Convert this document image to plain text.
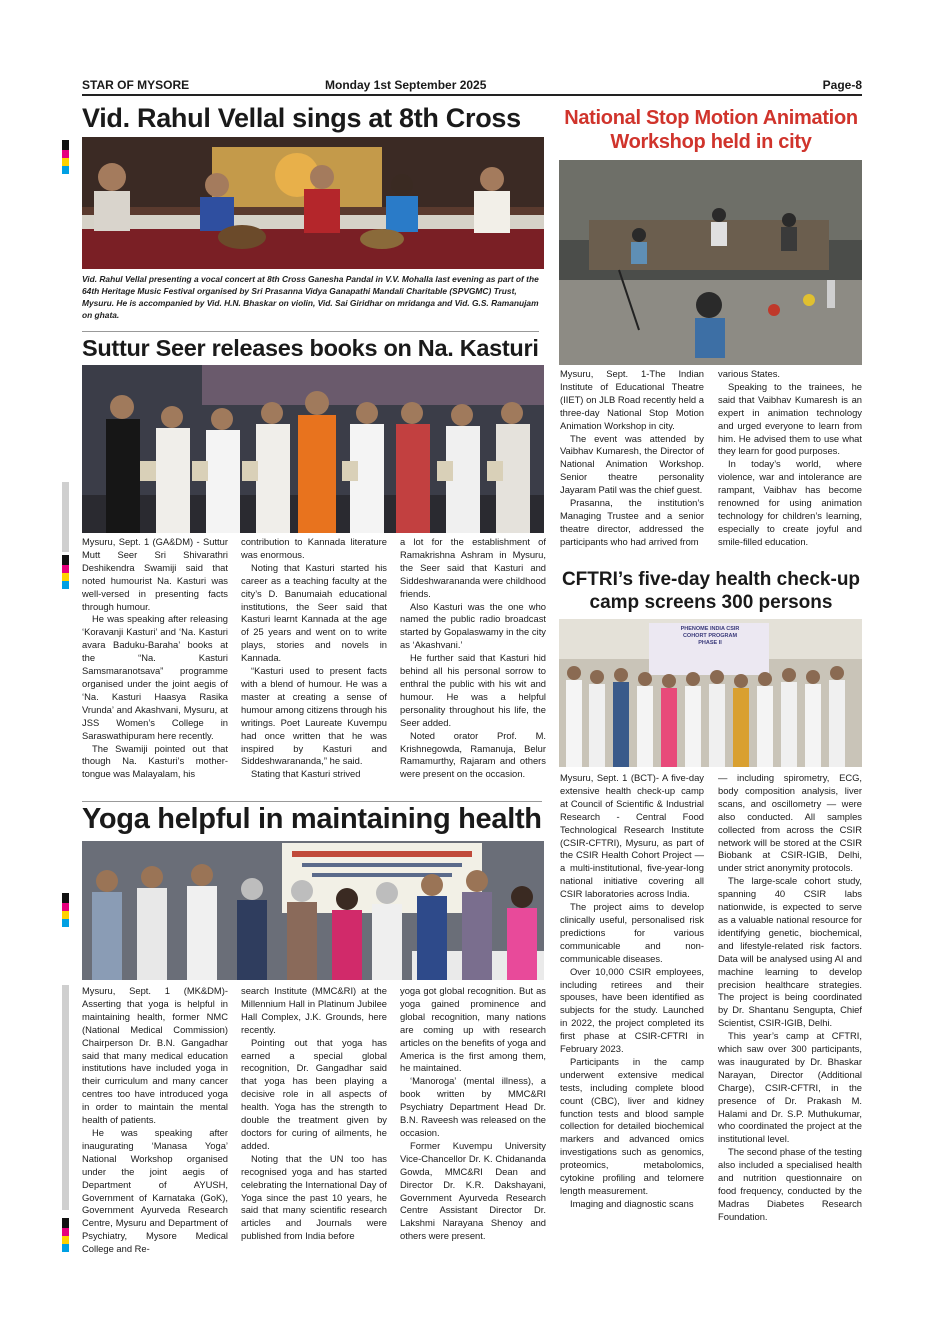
STAR OF MYSORE	Monday 1st September 2025	Page-8
Vid. Rahul Vellal sings at 8th Cross
Vid. Rahul Vellal presenting a vocal concert at 8th Cross Ganesha Pandal in V.V. Mohalla last evening as part of the 64th Heritage Music Festival organised by Sri Prasanna Vidya Ganapathi Mandali Charitable (SPVGMC) Trust, Mysuru. He is accompanied by Vid. H.N. Bhaskar on violin, Vid. Sai Giridhar on mridanga and Vid. G.S. Ramanujam on ghata.
Suttur Seer releases books on Na. Kasturi

Mysuru, Sept. 1 (GA&DM) - Suttur Mutt Seer Sri Shivarathri Deshikendra Swamiji said that noted humourist Na. Kasturi was well-versed in presenting facts through humour.

He was speaking after releasing ‘Koravanji Kasturi’ and ‘Na. Kasturi avara Baduku-Baraha’ books at the “Na. Kasturi Samsmaranotsava” programme organised under the joint aegis of ‘Na. Kasturi Haasya Rasika Vrunda’ and Akashvani, Mysuru, at JSS Women’s College in Saraswathipuram here recently.

The Swamiji pointed out that though Na. Kasturi’s mother-tongue was Malayalam, his

contribution to Kannada literature was enormous.

Noting that Kasturi started his career as a teaching faculty at the city’s D. Banumaiah educational institutions, the Seer said that Kasturi learnt Kannada at the age of 25 years and went on to write plays, stories and novels in Kannada.

“Kasturi used to present facts with a blend of humour. He was a master at creating a sense of humour among citizens through his writings. Poet Laureate Kuvempu had once written that he was inspired by Kasturi and Siddeshwarananda,” he said.

Stating that Kasturi strived

a lot for the establishment of Ramakrishna Ashram in Mysuru, the Seer said that Kasturi and Siddeshwarananda were childhood friends.

Also Kasturi was the one who named the public radio broadcast started by Gopalaswamy in the city as ‘Akashvani.’

He further said that Kasturi hid behind all his personal sorrow to enthral the public with his wit and humour. He was a helpful personality throughout his life, the Seer added.

Noted orator Prof. M. Krishnegowda, Ramanuja, Belur Ramamurthy, Rajaram and others were present on the occasion.

Yoga helpful in maintaining health

Mysuru, Sept. 1 (MK&DM)- Asserting that yoga is helpful in maintaining health, former NMC (National Medical Commission) Chairperson Dr. B.N. Gangadhar said that many medical education institutions have included yoga in their curriculum and many cancer centres too have introduced yoga in order to maintain the mental health of patients.

He was speaking after inaugurating ‘Manasa Yoga’ National Workshop organised under the joint aegis of Department of AYUSH, Government of Karnataka (GoK), Government Ayurveda Research Centre, Mysuru and Department of Psychiatry, Mysore Medical College and Re-

search Institute (MMC&RI) at the Millennium Hall in Platinum Jubilee Hall Complex, J.K. Grounds, here recently.

Pointing out that yoga has earned a special global recognition, Dr. Gangadhar said that yoga has been playing a decisive role in all aspects of health. Yoga has the strength to double the treatment given by doctors for curing of ailments, he added.

Noting that the UN too has recognised yoga and has started celebrating the International Day of Yoga since the past 10 years, he said that many scientific research articles and Journals were published from India before

yoga got global recognition. But as yoga gained prominence and global recognition, many nations are coming up with research articles on the benefits of yoga and America is the first among them, he maintained.

‘Manoroga’ (mental illness), a book written by MMC&RI Psychiatry Department Head Dr. B.N. Raveesh was released on the occasion.

Former Kuvempu University Vice-Chancellor Dr. K. Chidananda Gowda, MMC&RI Dean and Director Dr. K.R. Dakshayani, Government Ayurveda Research Centre Assistant Director Dr. Lakshmi Narayana Shenoy and others were present.

National Stop Motion Animation
Workshop held in city

Mysuru, Sept. 1-The Indian Institute of Educational Theatre (IIET) on JLB Road recently held a three-day National Stop Motion Animation Workshop in city.

The event was attended by Vaibhav Kumaresh, the Director of National Animation Workshop. Senior theatre personality Jayaram Patil was the chief guest.

Prasanna, the institution’s Managing Trustee and a senior theatre director, addressed the participants who had arrived from

various States.

Speaking to the trainees, he said that Vaibhav Kumaresh is an expert in animation technology and urged everyone to learn from him. He advised them to use what they learn for good purposes.

In today’s world, where violence, war and intolerance are rampant, Vaibhav has become renowned for using animation technology for children’s learning, especially to create joyful and smile-filled education.

CFTRI’s five-day health check-up
camp screens 300 persons
PHENOME INDIA CSIR
COHORT PROGRAM
PHASE II

Mysuru, Sept. 1 (BCT)- A five-day extensive health check-up camp at Council of Scientific & Industrial Research - Central Food Technological Research Institute (CSIR-CFTRI), Mysuru, as part of the CSIR Health Cohort Project — a multi-institutional, five-year-long national initiative covering all CSIR laboratories across India.

The project aims to develop clinically useful, personalised risk predictions for various communicable and non-communicable diseases.

Over 10,000 CSIR employees, including retirees and their spouses, have been identified as subjects for the study. Launched in 2022, the project completed its first phase at CSIR-CFTRI in February 2023.

Participants in the camp underwent extensive medical tests, including complete blood count (CBC), liver and kidney function tests and blood sample collection for detailed biochemical markers and advanced omics investigations such as genomics, proteomics, metabolomics, cytokine profiling and telomere length measurement.

Imaging and diagnostic scans

— including spirometry, ECG, body composition analysis, liver scans, and oscillometry — were also conducted. All samples collected from across the CSIR network will be stored at the CSIR Biobank at CSIR-IGIB, Delhi, under strict anonymity protocols.

The large-scale cohort study, spanning 40 CSIR labs nationwide, is expected to serve as a valuable national resource for identifying genetic, biochemical, and lifestyle-related risk factors. Data will be analysed using AI and machine learning to develop precision healthcare strategies. The project is being coordinated by Dr. Shantanu Sengupta, Chief Scientist, CSIR-IGIB, Delhi.

This year’s camp at CFTRI, which saw over 300 participants, was inaugurated by Dr. Bhaskar Narayan, Director (Additional Charge), CSIR-CFTRI, in the presence of Dr. Prakash M. Halami and Dr. S.P. Muthukumar, who coordinated the project at the institutional level.

The second phase of the testing also included a specialised health and nutrition questionnaire on food frequency, conducted by the Madras Diabetes Research Foundation.
